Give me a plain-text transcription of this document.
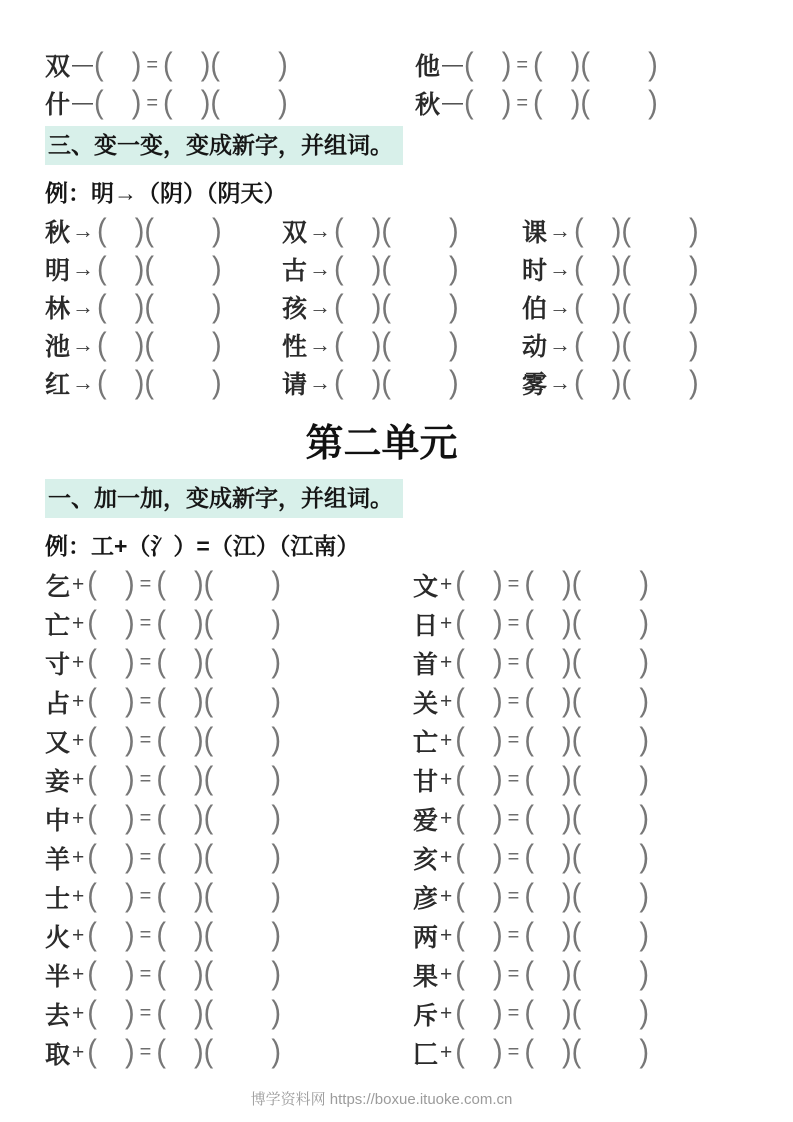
双 — ( ) = ( ) ( )	他 — ( ) = ( ) ( )
什 — ( ) = ( ) ( )	秋 — ( ) = ( ) ( )
三、变一变，变成新字，并组词。
例：明→（阴）（阴天）
秋 → ( ) ( ) 双 → ( ) ( )	课 → ( ) ( )
明 → ( ) ( ) 古 → ( ) ( )	时 → ( ) ( )
林 → ( ) ( ) 孩 → ( ) ( )	伯 → ( ) ( )
池 → ( ) ( ) 性 → ( ) ( )	动 → ( ) ( )
红 → ( ) ( ) 请 → ( ) ( )	雾 → ( ) ( )
第二单元
一、加一加，变成新字，并组词。
例：工+（氵）=（江）（江南）
乞 + ( ) = ( ) ( )	文 + ( ) = ( ) ( )
亡 + ( ) = ( ) ( )	日 + ( ) = ( ) ( )
寸 + ( ) = ( ) ( )	首 + ( ) = ( ) ( )
占 + ( ) = ( ) ( )	关 + ( ) = ( ) ( )
又 + ( ) = ( ) ( )	亡 + ( ) = ( ) ( )
妾 + ( ) = ( ) ( )	甘 + ( ) = ( ) ( )
中 + ( ) = ( ) ( )	爱 + ( ) = ( ) ( )
羊 + ( ) = ( ) ( )	亥 + ( ) = ( ) ( )
士 + ( ) = ( ) ( )	彦 + ( ) = ( ) ( )
火 + ( ) = ( ) ( )	两 + ( ) = ( ) ( )
半 + ( ) = ( ) ( )	果 + ( ) = ( ) ( )
去 + ( ) = ( ) ( )	斥 + ( ) = ( ) ( )
取 + ( ) = ( ) ( )	匚 + ( ) = ( ) ( )
博学资料网 https://boxue.ituoke.com.cn
